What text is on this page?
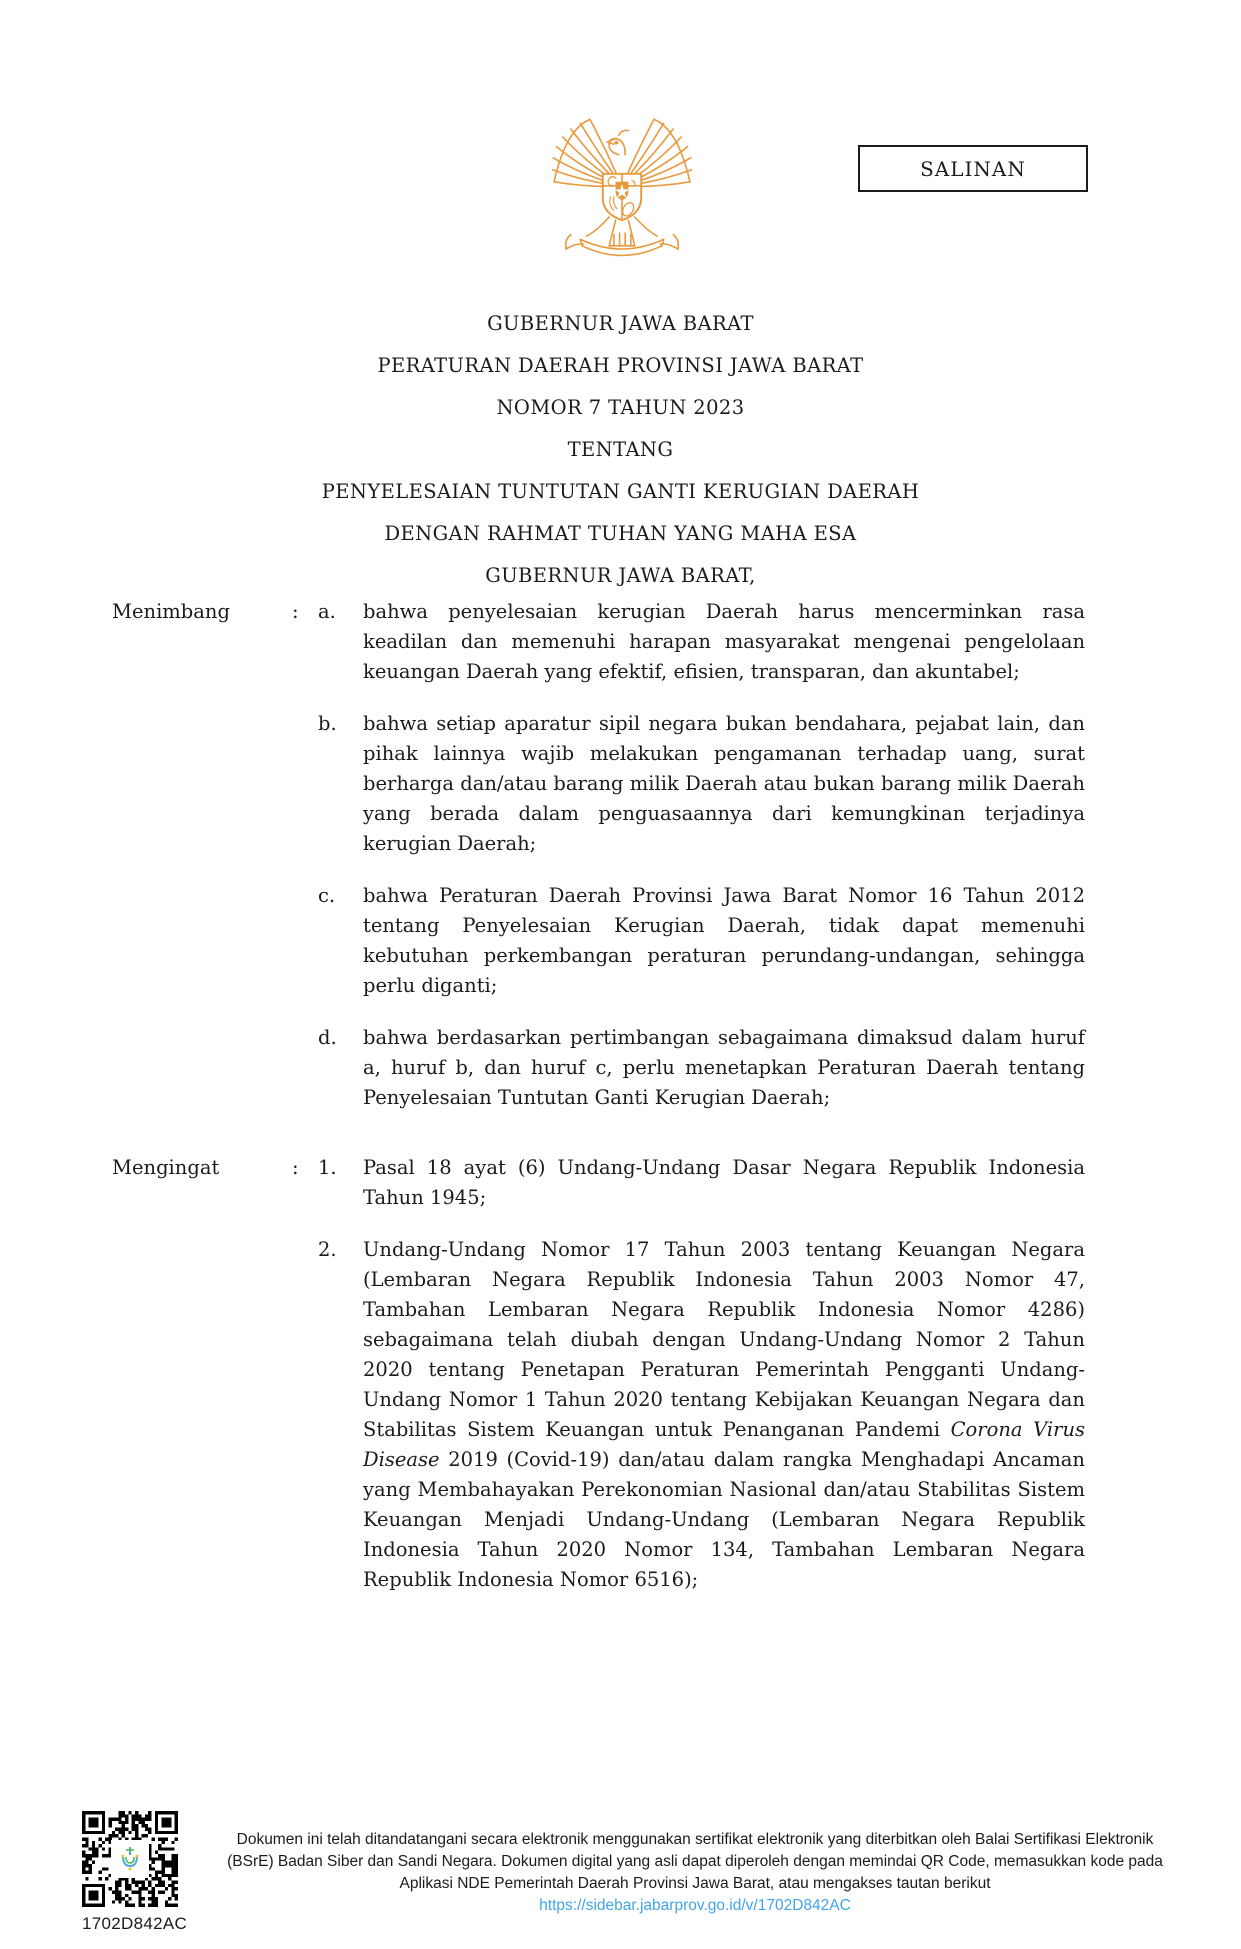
SALINAN
GUBERNUR JAWA BARAT
PERATURAN DAERAH PROVINSI JAWA BARAT
NOMOR 7 TAHUN 2023
TENTANG
PENYELESAIAN TUNTUTAN GANTI KERUGIAN DAERAH
DENGAN RAHMAT TUHAN YANG MAHA ESA
GUBERNUR JAWA BARAT,
Menimbang	: a.	bahwa penyelesaian kerugian Daerah harus mencerminkan rasa keadilan dan memenuhi harapan masyarakat mengenai pengelolaan keuangan Daerah yang efektif, efisien, transparan, dan akuntabel;
b.	bahwa setiap aparatur sipil negara bukan bendahara, pejabat lain, dan pihak lainnya wajib melakukan pengamanan terhadap uang, surat berharga dan/atau barang milik Daerah atau bukan barang milik Daerah yang berada dalam penguasaannya dari kemungkinan terjadinya kerugian Daerah;
c.	bahwa Peraturan Daerah Provinsi Jawa Barat Nomor 16 Tahun 2012 tentang Penyelesaian Kerugian Daerah, tidak dapat memenuhi kebutuhan perkembangan peraturan perundang-undangan, sehingga perlu diganti;
d.	bahwa berdasarkan pertimbangan sebagaimana dimaksud dalam huruf a, huruf b, dan huruf c, perlu menetapkan Peraturan Daerah tentang Penyelesaian Tuntutan Ganti Kerugian Daerah;
Mengingat	: 1.	Pasal 18 ayat (6) Undang-Undang Dasar Negara Republik Indonesia Tahun 1945;
2.	Undang-Undang Nomor 17 Tahun 2003 tentang Keuangan Negara (Lembaran Negara Republik Indonesia Tahun 2003 Nomor 47, Tambahan Lembaran Negara Republik Indonesia Nomor 4286) sebagaimana telah diubah dengan Undang-Undang Nomor 2 Tahun 2020 tentang Penetapan Peraturan Pemerintah Pengganti Undang-Undang Nomor 1 Tahun 2020 tentang Kebijakan Keuangan Negara dan Stabilitas Sistem Keuangan untuk Penanganan Pandemi Corona Virus Disease 2019 (Covid-19) dan/atau dalam rangka Menghadapi Ancaman yang Membahayakan Perekonomian Nasional dan/atau Stabilitas Sistem Keuangan Menjadi Undang-Undang (Lembaran Negara Republik Indonesia Tahun 2020 Nomor 134, Tambahan Lembaran Negara Republik Indonesia Nomor 6516);
1702D842AC
Dokumen ini telah ditandatangani secara elektronik menggunakan sertifikat elektronik yang diterbitkan oleh Balai Sertifikasi Elektronik (BSrE) Badan Siber dan Sandi Negara. Dokumen digital yang asli dapat diperoleh dengan memindai QR Code, memasukkan kode pada Aplikasi NDE Pemerintah Daerah Provinsi Jawa Barat, atau mengakses tautan berikut
https://sidebar.jabarprov.go.id/v/1702D842AC
